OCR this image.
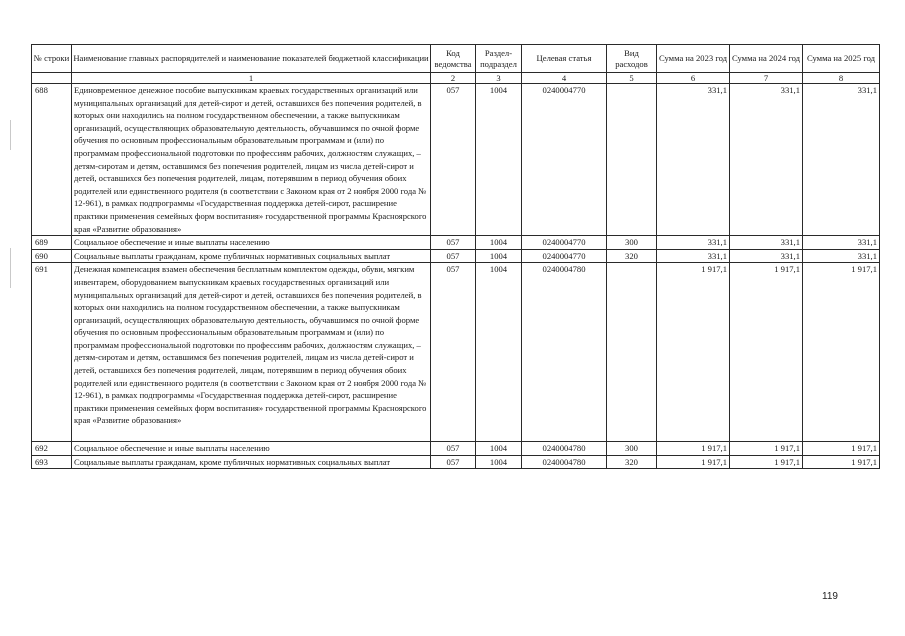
№ строки	Наименование главных распорядителей и наименование показателей бюджетной классификации	Код ведомства	Раздел-подраздел	Целевая статья	Вид расходов	Сумма на 2023 год	Сумма на 2024 год	Сумма на 2025 год
	1	2	3	4	5	6	7	8
688	Единовременное денежное пособие выпускникам краевых государственных организаций или муниципальных организаций для детей-сирот и детей, оставшихся без попечения родителей, в которых они находились на полном государственном обеспечении, а также выпускникам организаций, осуществляющих образовательную деятельность, обучавшимся по очной форме обучения по основным профессиональным образовательным программам и (или) по программам профессиональной подготовки по профессиям рабочих, должностям служащих, – детям-сиротам и детям, оставшимся без попечения родителей, лицам из числа детей-сирот и детей, оставшихся без попечения родителей, лицам, потерявшим в период обучения обоих родителей или единственного родителя (в соответствии с Законом края от 2 ноября 2000 года № 12-961), в рамках подпрограммы «Государственная поддержка детей-сирот, расширение практики применения семейных форм воспитания» государственной программы Красноярского края «Развитие образования»	057	1004	0240004770		331,1	331,1	331,1
689	Социальное обеспечение и иные выплаты населению	057	1004	0240004770	300	331,1	331,1	331,1
690	Социальные выплаты гражданам, кроме публичных нормативных социальных выплат	057	1004	0240004770	320	331,1	331,1	331,1
691	Денежная компенсация взамен обеспечения бесплатным комплектом одежды, обуви, мягким инвентарем, оборудованием выпускникам краевых государственных организаций или муниципальных организаций для детей-сирот и детей, оставшихся без попечения родителей, в которых они находились на полном государственном обеспечении, а также выпускникам организаций, осуществляющих образовательную деятельность, обучавшимся по очной форме обучения по основным профессиональным образовательным программам и (или) по программам профессиональной подготовки по профессиям рабочих, должностям служащих, – детям-сиротам и детям, оставшимся без попечения родителей, лицам из числа детей-сирот и детей, оставшихся без попечения родителей, лицам, потерявшим в период обучения обоих родителей или единственного родителя (в соответствии с Законом края от 2 ноября 2000 года № 12-961), в рамках подпрограммы «Государственная поддержка детей-сирот, расширение практики применения семейных форм воспитания» государственной программы Красноярского края «Развитие образования»	057	1004	0240004780		1 917,1	1 917,1	1 917,1
692	Социальное обеспечение и иные выплаты населению	057	1004	0240004780	300	1 917,1	1 917,1	1 917,1
693	Социальные выплаты гражданам, кроме публичных нормативных социальных выплат	057	1004	0240004780	320	1 917,1	1 917,1	1 917,1
119
